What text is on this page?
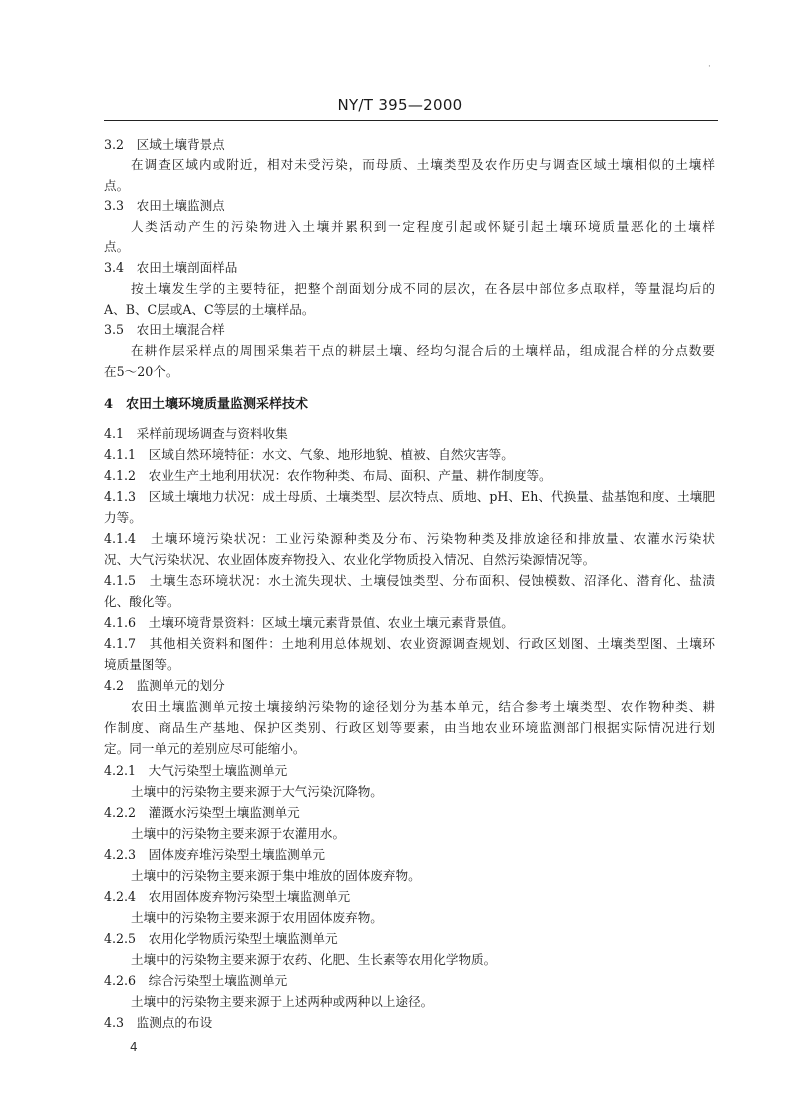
·
NY/T 395—2000
3.2　区域土壤背景点
在调查区域内或附近，相对未受污染，而母质、土壤类型及农作历史与调查区域土壤相似的土壤样
点。
3.3　农田土壤监测点
人类活动产生的污染物进入土壤并累积到一定程度引起或怀疑引起土壤环境质量恶化的土壤样
点。
3.4　农田土壤剖面样品
按土壤发生学的主要特征，把整个剖面划分成不同的层次，在各层中部位多点取样，等量混均后的
A、B、C层或A、C等层的土壤样品。
3.5　农田土壤混合样
在耕作层采样点的周围采集若干点的耕层土壤、经均匀混合后的土壤样品，组成混合样的分点数要
在5～20个。
4　农田土壤环境质量监测采样技术
4.1　采样前现场调查与资料收集
4.1.1　区域自然环境特征：水文、气象、地形地貌、植被、自然灾害等。
4.1.2　农业生产土地利用状况：农作物种类、布局、面积、产量、耕作制度等。
4.1.3　区域土壤地力状况：成土母质、土壤类型、层次特点、质地、pH、Eh、代换量、盐基饱和度、土壤肥
力等。
4.1.4　土壤环境污染状况：工业污染源种类及分布、污染物种类及排放途径和排放量、农灌水污染状
况、大气污染状况、农业固体废弃物投入、农业化学物质投入情况、自然污染源情况等。
4.1.5　土壤生态环境状况：水土流失现状、土壤侵蚀类型、分布面积、侵蚀模数、沼泽化、潜育化、盐渍
化、酸化等。
4.1.6　土壤环境背景资料：区域土壤元素背景值、农业土壤元素背景值。
4.1.7　其他相关资料和图件：土地利用总体规划、农业资源调查规划、行政区划图、土壤类型图、土壤环
境质量图等。
4.2　监测单元的划分
农田土壤监测单元按土壤接纳污染物的途径划分为基本单元，结合参考土壤类型、农作物种类、耕
作制度、商品生产基地、保护区类别、行政区划等要素，由当地农业环境监测部门根据实际情况进行划
定。同一单元的差别应尽可能缩小。
4.2.1　大气污染型土壤监测单元
土壤中的污染物主要来源于大气污染沉降物。
4.2.2　灌溉水污染型土壤监测单元
土壤中的污染物主要来源于农灌用水。
4.2.3　固体废弃堆污染型土壤监测单元
土壤中的污染物主要来源于集中堆放的固体废弃物。
4.2.4　农用固体废弃物污染型土壤监测单元
土壤中的污染物主要来源于农用固体废弃物。
4.2.5　农用化学物质污染型土壤监测单元
土壤中的污染物主要来源于农药、化肥、生长素等农用化学物质。
4.2.6　综合污染型土壤监测单元
土壤中的污染物主要来源于上述两种或两种以上途径。
4.3　监测点的布设
4
